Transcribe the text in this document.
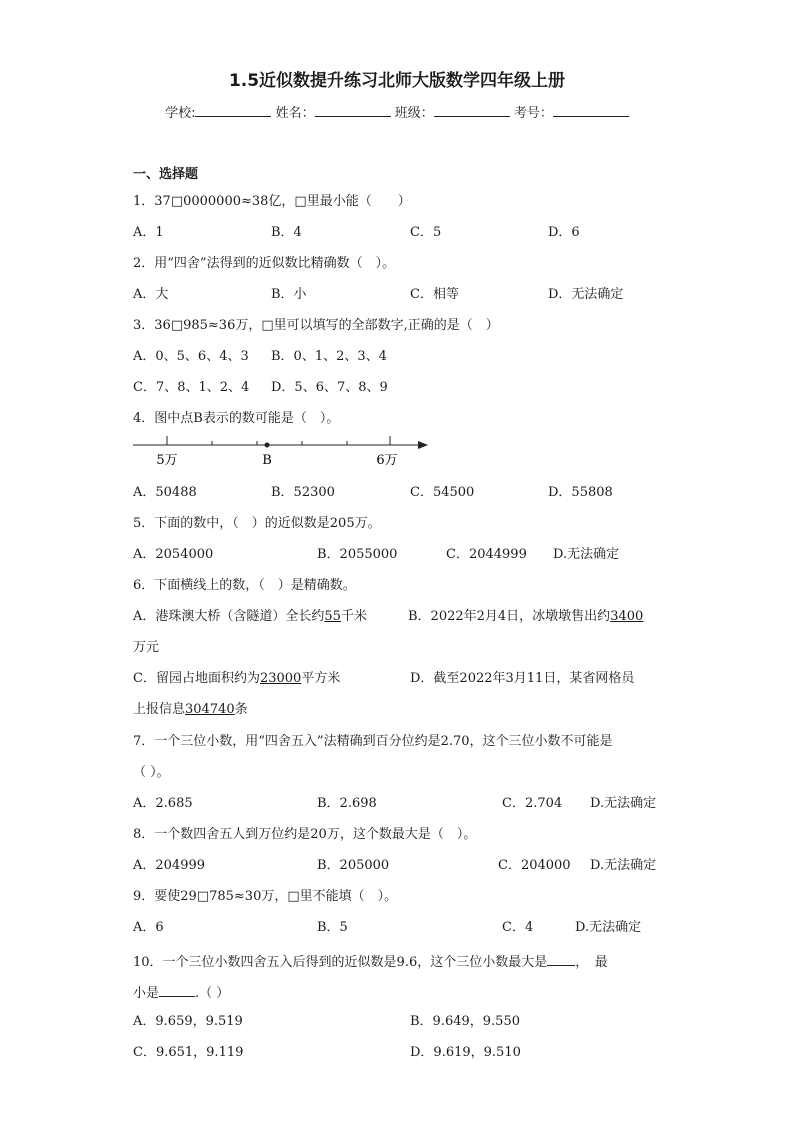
1.5近似数提升练习北师大版数学四年级上册
学校:	姓名：	班级：	考号：
一、选择题
1．37□0000000≈38亿，□里最小能（　　）
A．1	B．4	C．5	D．6
2．用“四舍”法得到的近似数比精确数（　）。
A．大	B．小	C．相等	D．无法确定
3．36□985≈36万，□里可以填写的全部数字,正确的是（　）
A．0、5、6、4、3 B．0、1、2、3、4
C．7、8、1、2、4 D．5、6、7、8、9
4．图中点B表示的数可能是（　）。
5万	B	6万
A．50488	B．52300	C．54500	D．55808
5．下面的数中，（　）的近似数是205万。
A．2054000	B．2055000	C．2044999 D.无法确定
6．下面横线上的数，（　）是精确数。
A．港珠澳大桥（含隧道）全长约55千米	B．2022年2月4日，冰墩墩售出约3400
万元
C．留园占地面积约为23000平方米	D．截至2022年3月11日，某省网格员
上报信息304740条
7．一个三位小数，用“四舍五入”法精确到百分位约是2.70，这个三位小数不可能是
（ ）。
A．2.685	B．2.698	C．2.704 D.无法确定
8．一个数四舍五人到万位约是20万，这个数最大是（　）。
A．204999	B．205000	C．204000 D.无法确定
9．要使29□785≈30万，□里不能填（　）。
A．6	B．5	C．4	D.无法确定
10．一个三位小数四舍五入后得到的近似数是9.6，这个三位小数最大是 ，　最
小是	.（ ）
A．9.659，9.519	B．9.649，9.550
C．9.651，9.119	D．9.619，9.510
